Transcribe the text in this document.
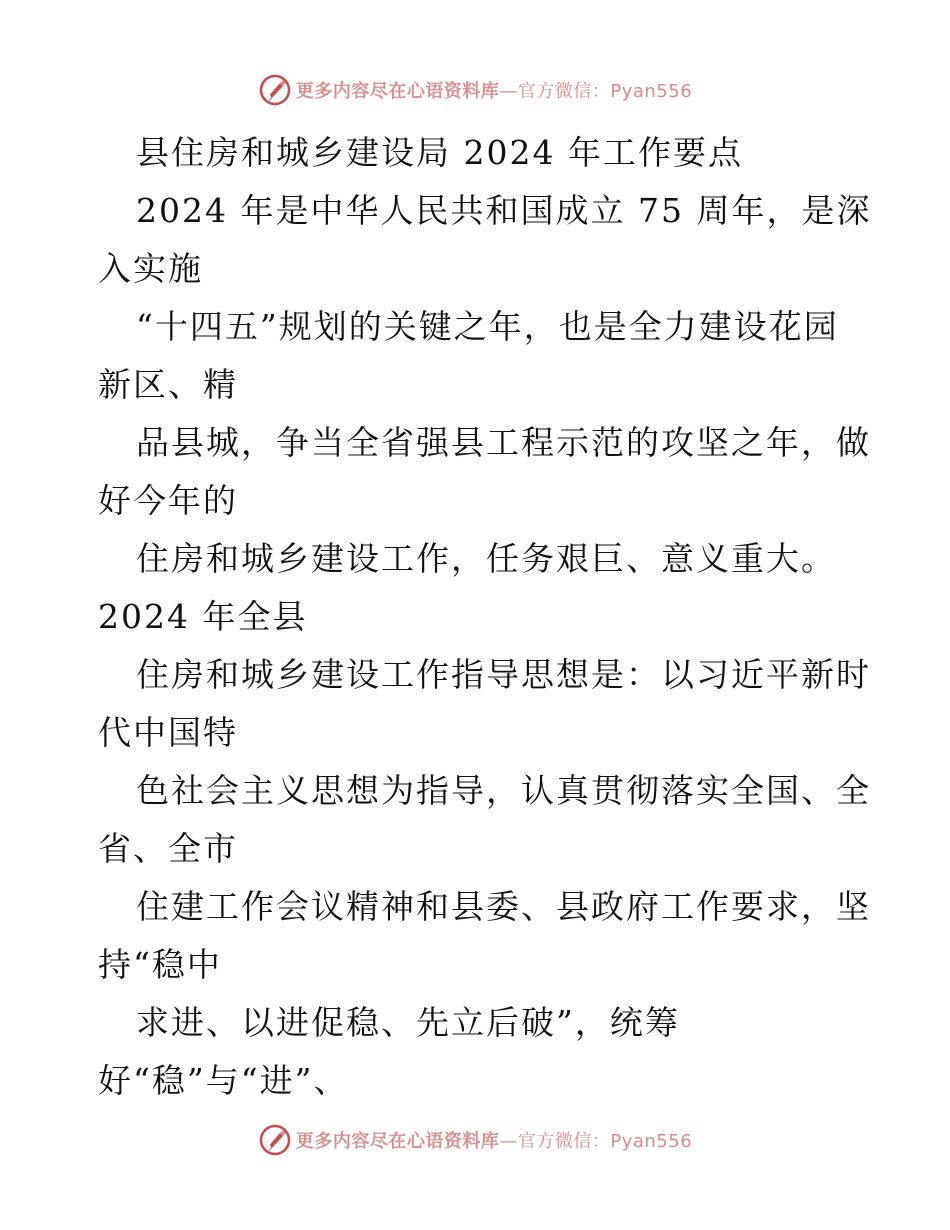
更多内容尽在心语资料库—官方微信：Pyan556
县住房和城乡建设局 2024 年工作要点
2024 年是中华人民共和国成立 75 周年，是深
入实施
“十四五”规划的关键之年，也是全力建设花园
新区、精
品县城，争当全省强县工程示范的攻坚之年，做
好今年的
住房和城乡建设工作，任务艰巨、意义重大。
2024 年全县
住房和城乡建设工作指导思想是：以习近平新时
代中国特
色社会主义思想为指导，认真贯彻落实全国、全
省、全市
住建工作会议精神和县委、县政府工作要求，坚
持“稳中
求进、以进促稳、先立后破”，统筹
好“稳”与“进”、
更多内容尽在心语资料库—官方微信：Pyan556
